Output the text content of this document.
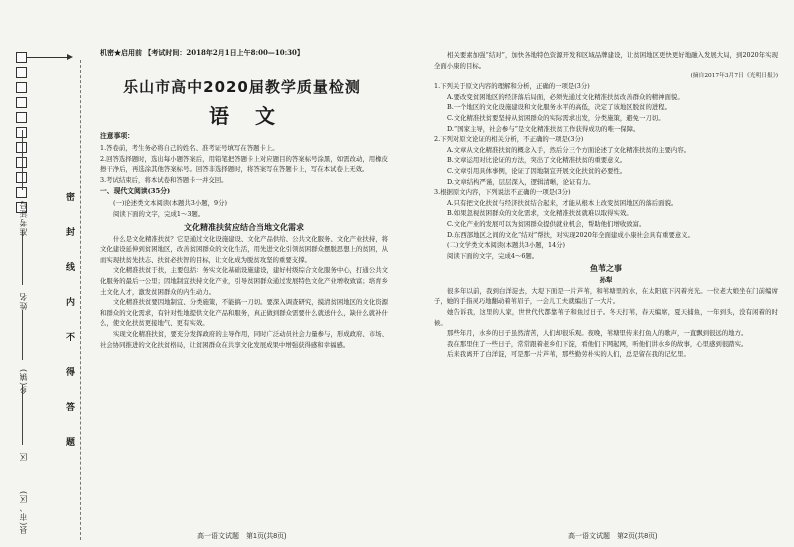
准考证号
姓名
乡(镇)
区
县(市、区)
密
封
线
内
不
得
答
题
机密★启用前 【考试时间：2018年2月1日上午8:00—10:30】
乐山市高中2020届教学质量检测
语文
注意事项：

1.答卷前，考生务必将自己的姓名、准考证号填写在答题卡上。

2.回答选择题时，选出每小题答案后，用铅笔把答题卡上对应题目的答案标号涂黑，如需改动，用橡皮擦干净后，再选涂其他答案标号。回答非选择题时，将答案写在答题卡上，写在本试卷上无效。

3.考试结束后，将本试卷和答题卡一并交回。

一、现代文阅读(35分)

(一)论述类文本阅读(本题共3小题，9分)

阅读下面的文字，完成1～3题。

文化精准扶贫应结合当地文化需求

什么是文化精准扶贫？它是通过文化设施建设、文化产品供给、公共文化服务、文化产业扶持，将文化建设延伸到贫困地区，改善贫困群众的文化生活，用先进文化引领贫困群众摆脱思想上的贫困，从而实现扶贫先扶志、扶贫必扶智的目标，让文化成为脱贫攻坚的重要支撑。

文化精准扶贫于扶，主要包括：务实文化基础设施建设，建好村级综合文化服务中心，打通公共文化服务的最后一公里；因地制宜扶持文化产业，引导贫困群众通过发展特色文化产业增收致富；培育乡土文化人才，激发贫困群众的内生动力。

文化精准扶贫要因地制宜、分类施策，不能搞一刀切。要深入调查研究，摸清贫困地区的文化资源和群众的文化需求，有针对性地提供文化产品和服务，真正做到群众需要什么就送什么，缺什么就补什么，使文化扶贫更接地气、更有实效。

实现文化精准扶贫，要充分发挥政府的主导作用，同时广泛动员社会力量参与，形成政府、市场、社会协同推进的文化扶贫格局，让贫困群众在共享文化发展成果中增强获得感和幸福感。

高一语文试题　第1页(共8页)

相关要素加强“结对”，加快各地特色资源开发和区域品牌建设，让贫困地区更快更好地融入发展大局，到2020年实现全面小康的目标。

(摘自2017年3月7日《光明日报》)

1.下列关于原文内容的理解和分析，正确的一项是(3分)

A.要改变贫困地区的经济落后局面，必须先通过文化精准扶贫改善群众的精神面貌。

B.一个地区的文化设施建设和文化服务水平的高低，决定了该地区脱贫的进程。

C.文化精准扶贫要坚持从贫困群众的实际需求出发，分类施策，避免一刀切。

D.“国家主导，社会参与”是文化精准扶贫工作获得成功的唯一保障。

2.下列对原文论证的相关分析，不正确的一项是(3分)

A.文章从文化精准扶贫的概念入手，然后分三个方面论述了文化精准扶贫的主要内容。

B.文章运用对比论证的方法，突出了文化精准扶贫的重要意义。

C.文章引用具体事例，论证了因地制宜开展文化扶贫的必要性。

D.文章结构严谨，层层深入，逻辑清晰，论证有力。

3.根据原文内容，下列说法不正确的一项是(3分)

A.只有把文化扶贫与经济扶贫结合起来，才能从根本上改变贫困地区的落后面貌。

B.如果忽视贫困群众的文化需求，文化精准扶贫就难以取得实效。

C.文化产业的发展可以为贫困群众提供就业机会，帮助他们增收致富。

D.东西部地区之间的文化“结对”帮扶，对实现2020年全面建成小康社会具有重要意义。

(二)文学类文本阅读(本题共3小题，14分)

阅读下面的文字，完成4～6题。

鱼苇之事
孙犁

很多年以前，我到白洋淀去，大堤下面是一片芦苇，和苇塘里的水，在太阳底下闪着亮光。一位老大娘坐在门前编席子，她的手指灵巧地翻动着苇眉子，一会儿工夫就编出了一大片。

她告诉我，这里的人家，世世代代都靠苇子和鱼过日子。冬天打苇，春天编席，夏天捕鱼，一年到头，没有闲着的时候。

那些年月，水乡的日子虽然清苦，人们却很乐观。夜晚，苇塘里传来打鱼人的歌声，一直飘到很远的地方。

我在那里住了一些日子，常常跟着老乡们下淀，看他们下网起网，听他们讲水乡的故事，心里感到很踏实。

后来我离开了白洋淀，可是那一片芦苇，那些勤劳朴实的人们，总是留在我的记忆里。

高一语文试题　第2页(共8页)
